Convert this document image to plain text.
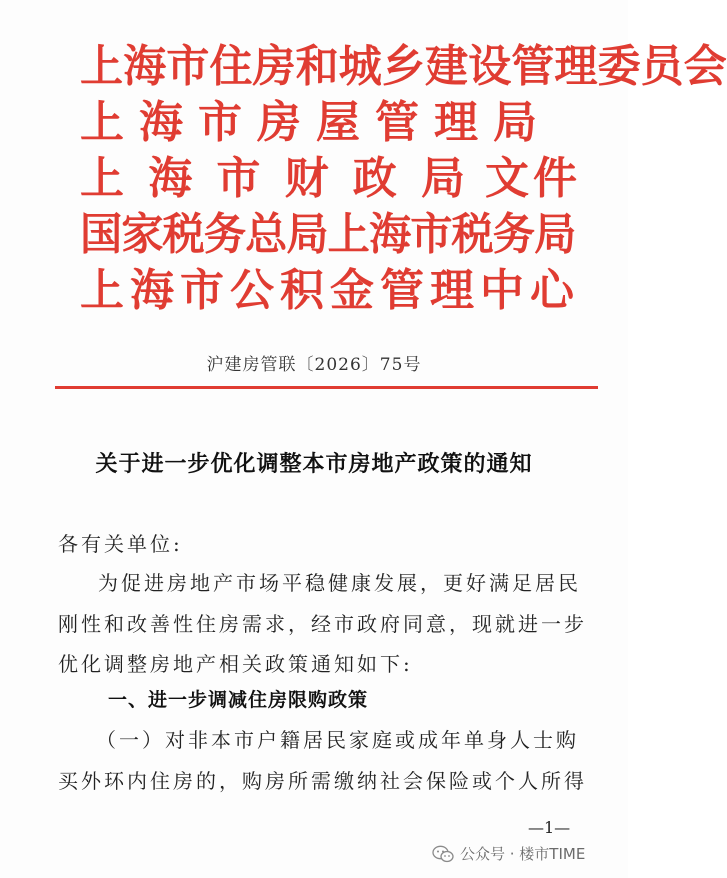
上海市住房和城乡建设管理委员会
上海市房屋管理局
上 海 市 财 政 局 文件
国家税务总局上海市税务局
上海市公积金管理中心
沪建房管联〔2026〕75号
关于进一步优化调整本市房地产政策的通知
各有关单位:
为促进房地产市场平稳健康发展，更好满足居民
刚性和改善性住房需求，经市政府同意，现就进一步
优化调整房地产相关政策通知如下:
一、进一步调减住房限购政策
（一）对非本市户籍居民家庭或成年单身人士购
买外环内住房的，购房所需缴纳社会保险或个人所得
—1—
公众号 · 楼市TIME
